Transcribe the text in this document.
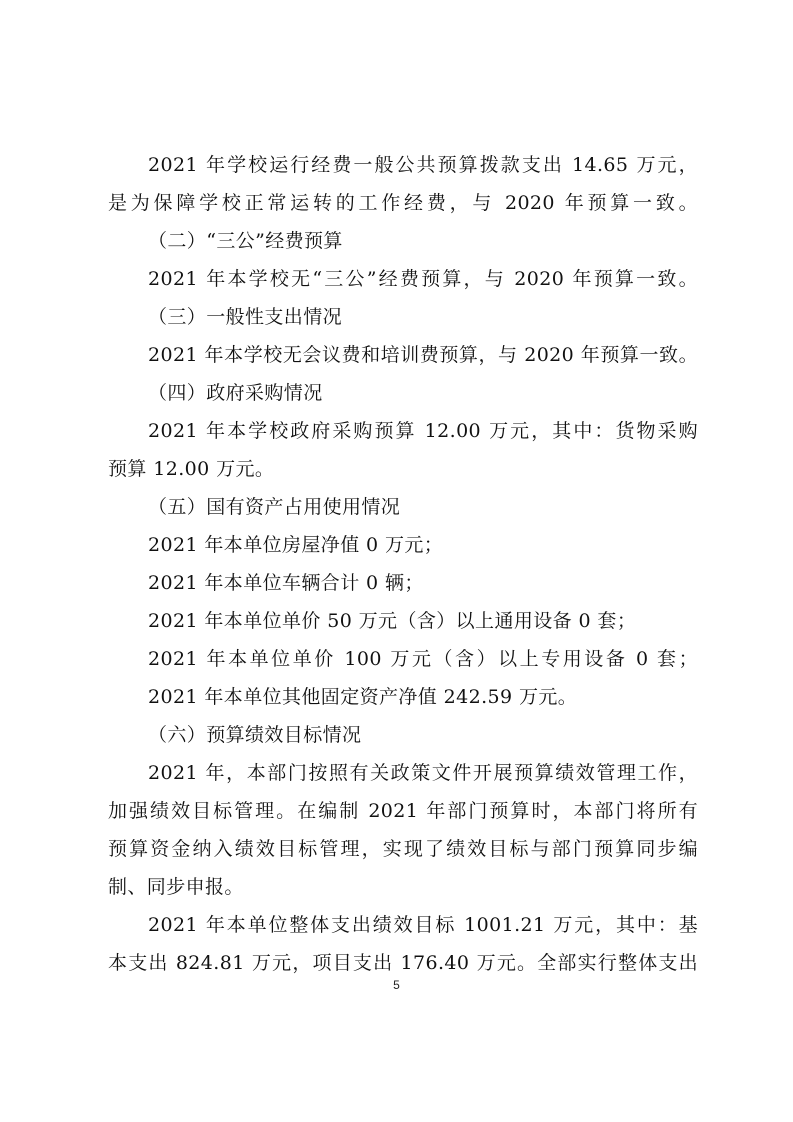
2021 年学校运行经费一般公共预算拨款支出 14.65 万元，
是为保障学校正常运转的工作经费，与 2020 年预算一致。
（二）“三公”经费预算
2021 年本学校无“三公”经费预算，与 2020 年预算一致。
（三）一般性支出情况
2021 年本学校无会议费和培训费预算，与 2020 年预算一致。
（四）政府采购情况
2021 年本学校政府采购预算 12.00 万元，其中：货物采购
预算 12.00 万元。
（五）国有资产占用使用情况
2021 年本单位房屋净值 0 万元；
2021 年本单位车辆合计 0 辆；
2021 年本单位单价 50 万元（含）以上通用设备 0 套；
2021 年本单位单价 100 万元（含）以上专用设备 0 套；
2021 年本单位其他固定资产净值 242.59 万元。
（六）预算绩效目标情况
2021 年，本部门按照有关政策文件开展预算绩效管理工作，
加强绩效目标管理。在编制 2021 年部门预算时，本部门将所有
预算资金纳入绩效目标管理，实现了绩效目标与部门预算同步编
制、同步申报。
2021 年本单位整体支出绩效目标 1001.21 万元，其中：基
本支出 824.81 万元，项目支出 176.40 万元。全部实行整体支出
5
